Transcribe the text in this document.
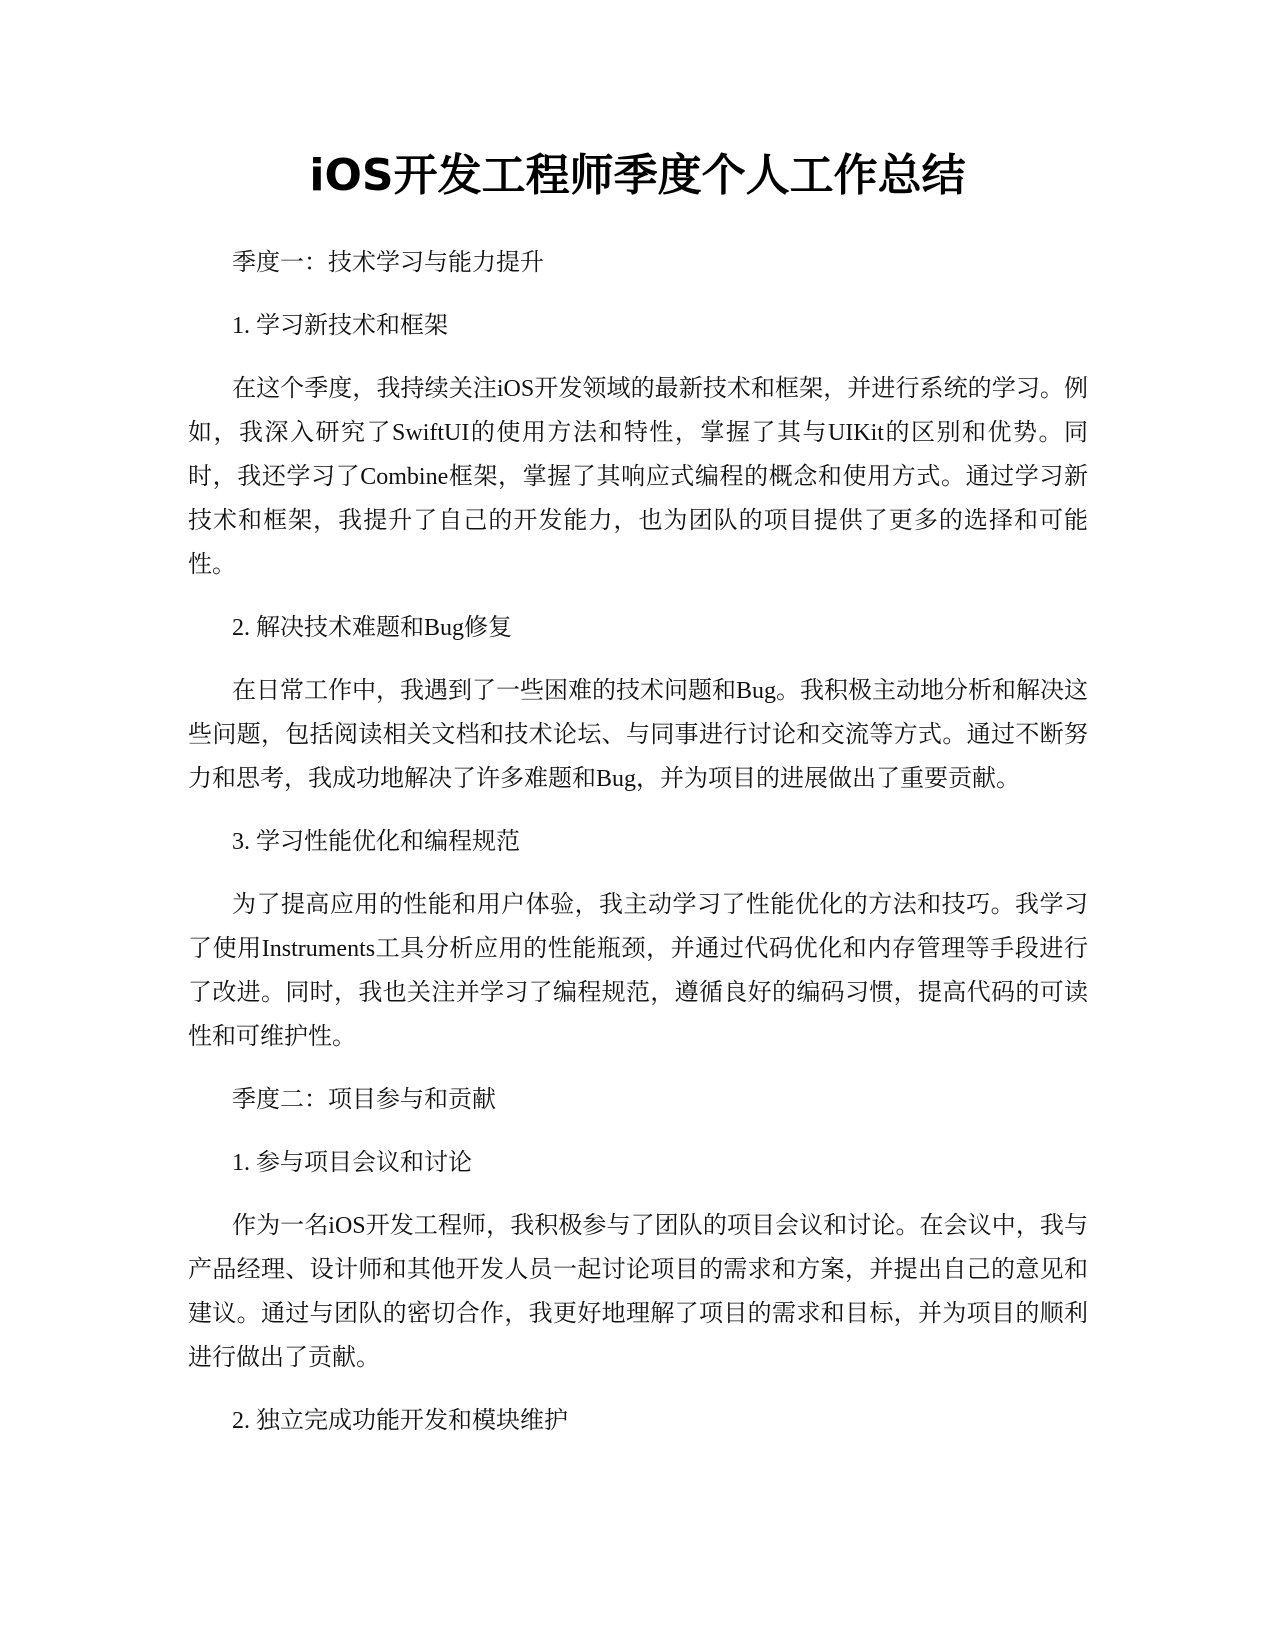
iOS开发工程师季度个人工作总结

季度一：技术学习与能力提升

1. 学习新技术和框架

在这个季度，我持续关注iOS开发领域的最新技术和框架，并进行系统的学习。例如，我深入研究了SwiftUI的使用方法和特性，掌握了其与UIKit的区别和优势。同时，我还学习了Combine框架，掌握了其响应式编程的概念和使用方式。通过学习新技术和框架，我提升了自己的开发能力，也为团队的项目提供了更多的选择和可能性。

2. 解决技术难题和Bug修复

在日常工作中，我遇到了一些困难的技术问题和Bug。我积极主动地分析和解决这些问题，包括阅读相关文档和技术论坛、与同事进行讨论和交流等方式。通过不断努力和思考，我成功地解决了许多难题和Bug，并为项目的进展做出了重要贡献。

3. 学习性能优化和编程规范

为了提高应用的性能和用户体验，我主动学习了性能优化的方法和技巧。我学习了使用Instruments工具分析应用的性能瓶颈，并通过代码优化和内存管理等手段进行了改进。同时，我也关注并学习了编程规范，遵循良好的编码习惯，提高代码的可读性和可维护性。

季度二：项目参与和贡献

1. 参与项目会议和讨论

作为一名iOS开发工程师，我积极参与了团队的项目会议和讨论。在会议中，我与产品经理、设计师和其他开发人员一起讨论项目的需求和方案，并提出自己的意见和建议。通过与团队的密切合作，我更好地理解了项目的需求和目标，并为项目的顺利进行做出了贡献。

2. 独立完成功能开发和模块维护
